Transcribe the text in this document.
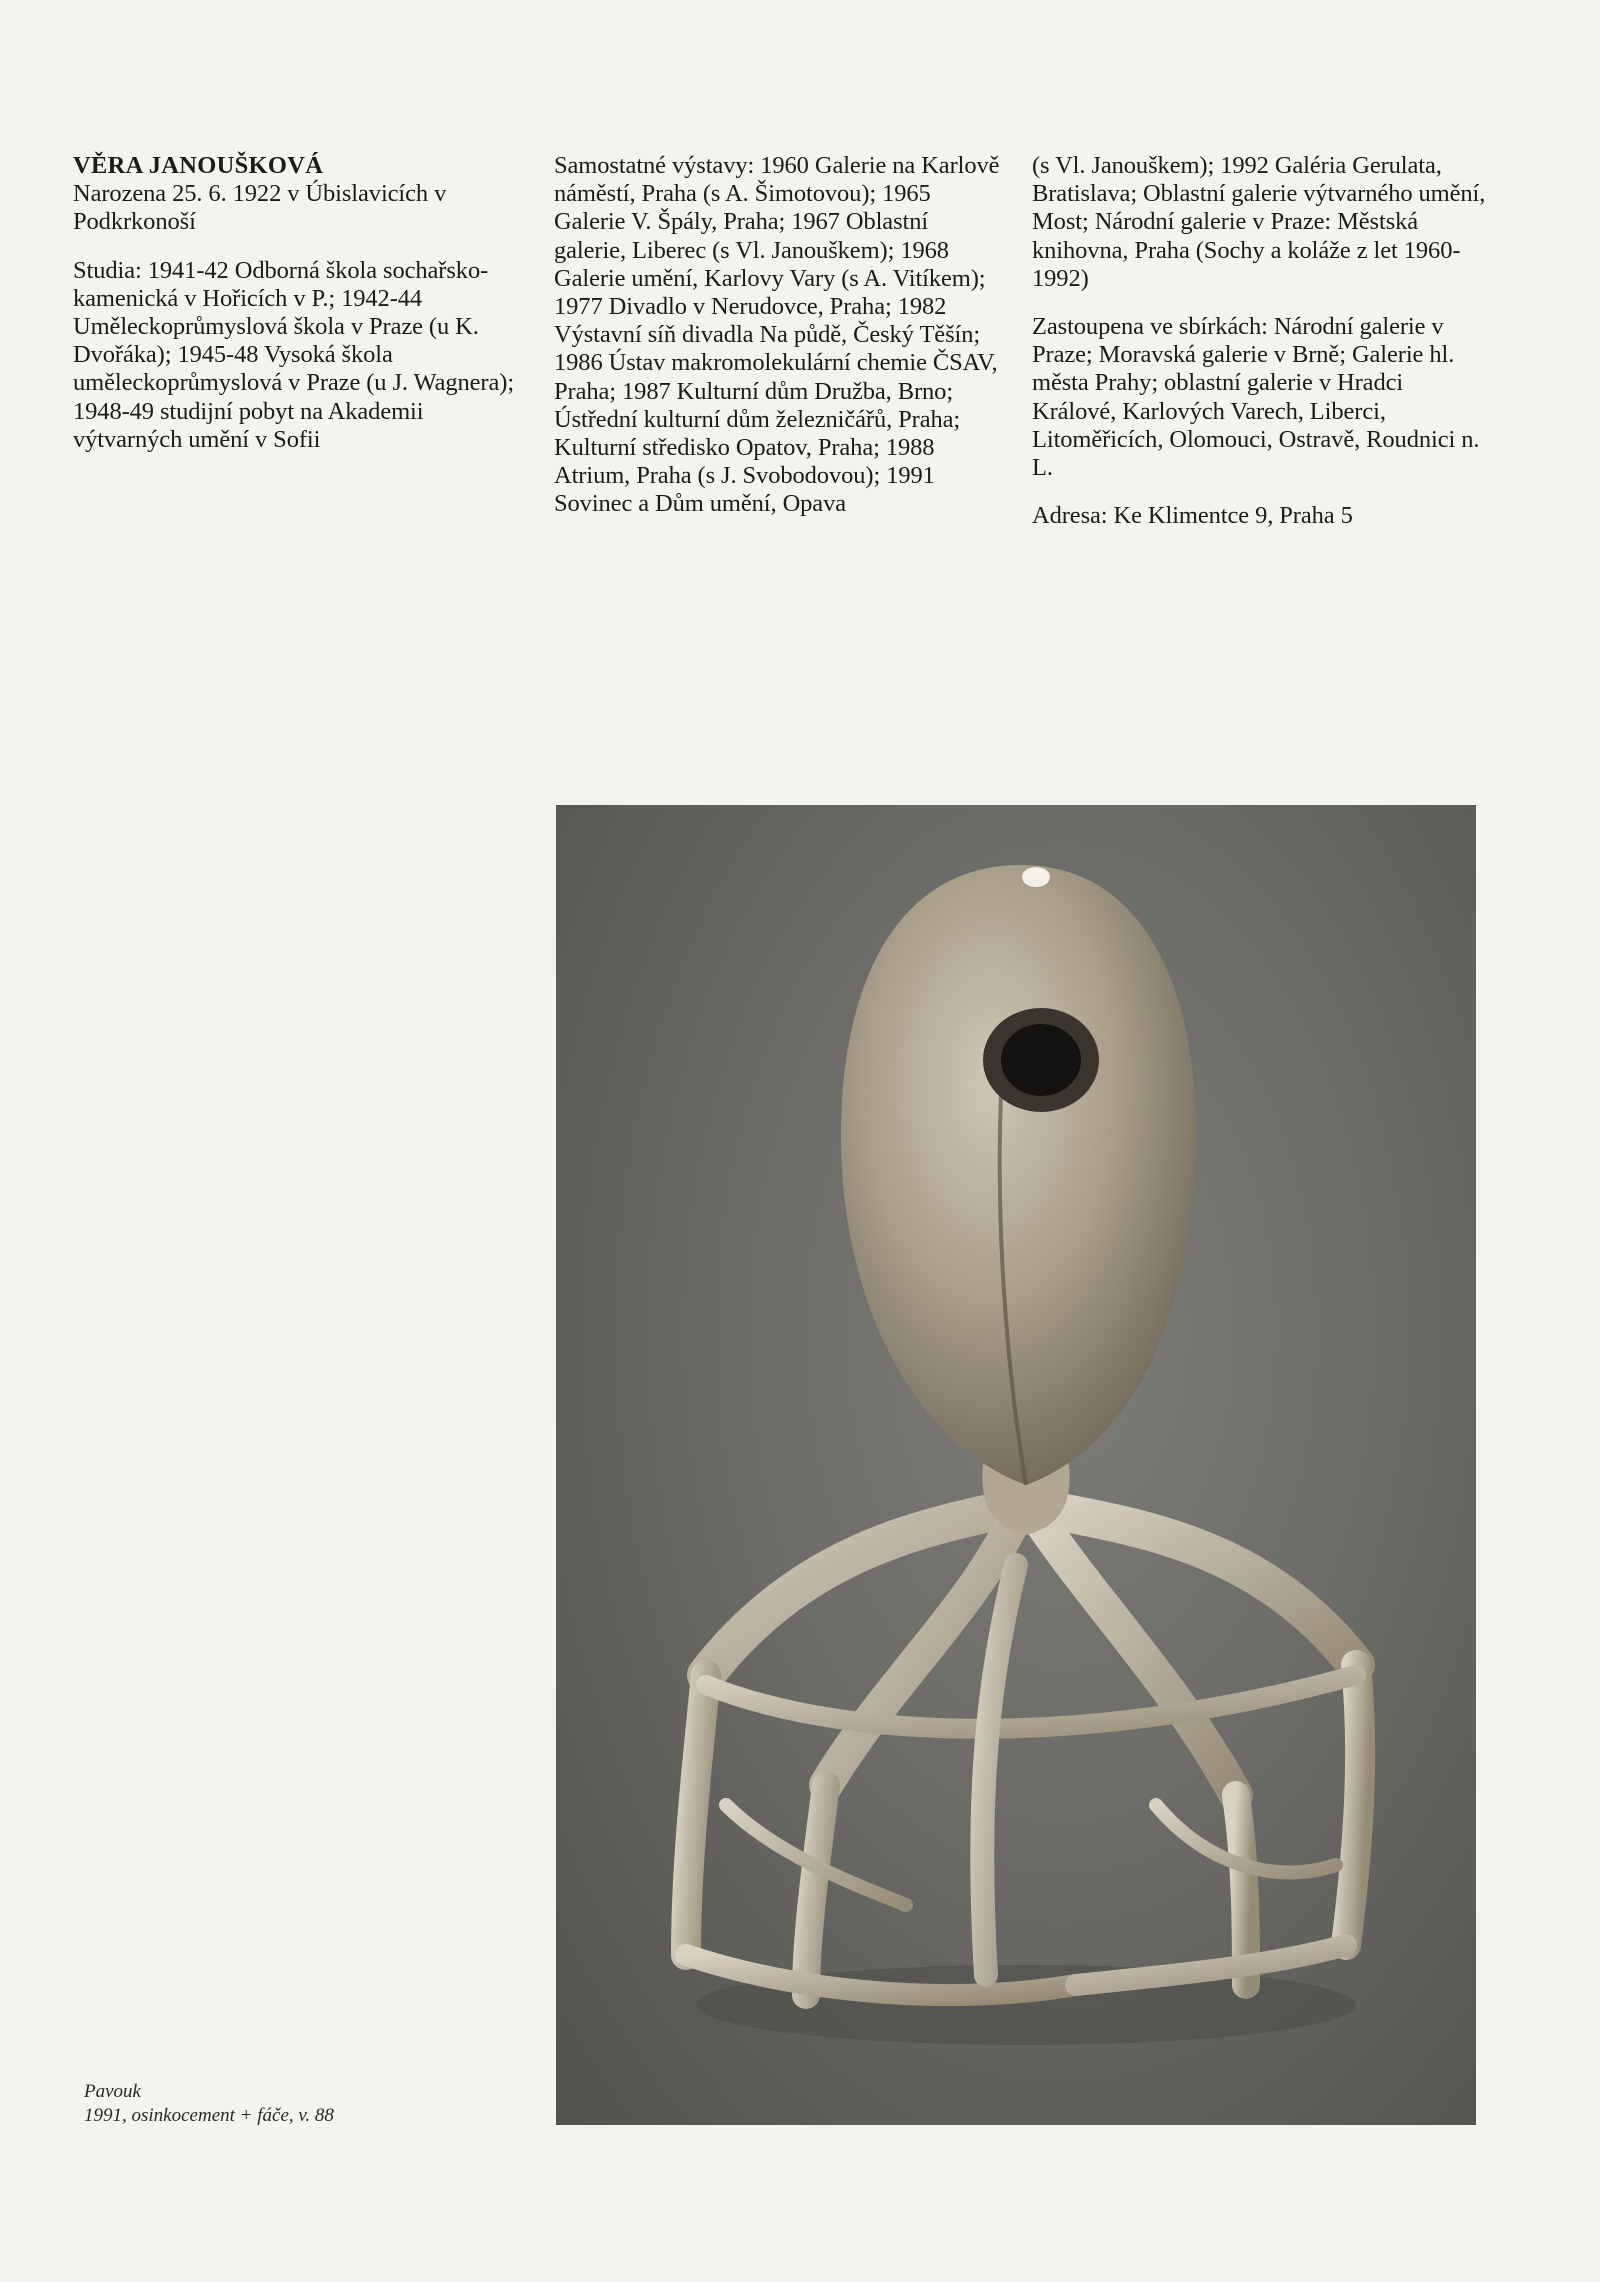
VĚRA JANOUŠKOVÁ
Narozena 25. 6. 1922 v Úbislavicích v Podkrkonoší

Studia: 1941-42 Odborná škola sochařsko-kamenická v Hořicích v P.; 1942-44 Uměleckoprůmyslová škola v Praze (u K. Dvořáka); 1945-48 Vysoká škola uměleckoprůmyslová v Praze (u J. Wagnera); 1948-49 studijní pobyt na Akademii výtvarných umění v Sofii

Samostatné výstavy: 1960 Galerie na Karlově náměstí, Praha (s A. Šimotovou); 1965 Galerie V. Špály, Praha; 1967 Oblastní galerie, Liberec (s Vl. Janouškem); 1968 Galerie umění, Karlovy Vary (s A. Vitíkem); 1977 Divadlo v Nerudovce, Praha; 1982 Výstavní síň divadla Na půdě, Český Těšín; 1986 Ústav makromolekulární chemie ČSAV, Praha; 1987 Kulturní dům Družba, Brno; Ústřední kulturní dům železničářů, Praha; Kulturní středisko Opatov, Praha; 1988 Atrium, Praha (s J. Svobodovou); 1991 Sovinec a Dům umění, Opava

(s Vl. Janouškem); 1992 Galéria Gerulata, Bratislava; Oblastní galerie výtvarného umění, Most; Národní galerie v Praze: Městská knihovna, Praha (Sochy a koláže z let 1960-1992)

Zastoupena ve sbírkách: Národní galerie v Praze; Moravská galerie v Brně; Galerie hl. města Prahy; oblastní galerie v Hradci Králové, Karlových Varech, Liberci, Litoměřicích, Olomouci, Ostravě, Roudnici n. L.

Adresa: Ke Klimentce 9, Praha 5

Pavouk
1991, osinkocement + fáče, v. 88
